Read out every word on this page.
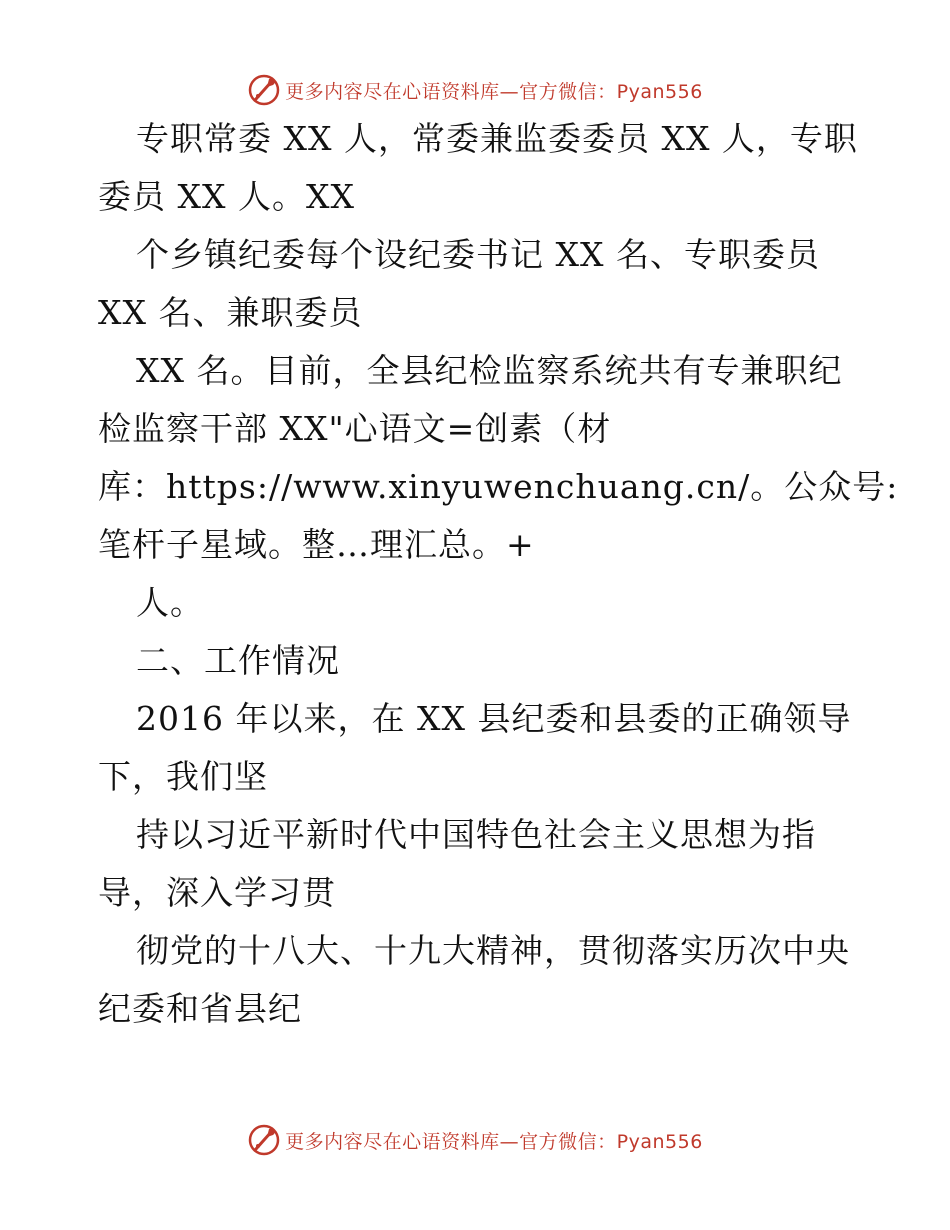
更多内容尽在心语资料库—官方微信：Pyan556
专职常委 XX 人，常委兼监委委员 XX 人，专职
委员 XX 人。XX
个乡镇纪委每个设纪委书记 XX 名、专职委员
XX 名、兼职委员
XX 名。目前，全县纪检监察系统共有专兼职纪
检监察干部 XX"心语文=创素（材
库：https://www.xinyuwenchuang.cn/。公众号:
笔杆子星域。整…理汇总。+
人。
二、工作情况
2016 年以来，在 XX 县纪委和县委的正确领导
下，我们坚
持以习近平新时代中国特色社会主义思想为指
导，深入学习贯
彻党的十八大、十九大精神，贯彻落实历次中央
纪委和省县纪
更多内容尽在心语资料库—官方微信：Pyan556
